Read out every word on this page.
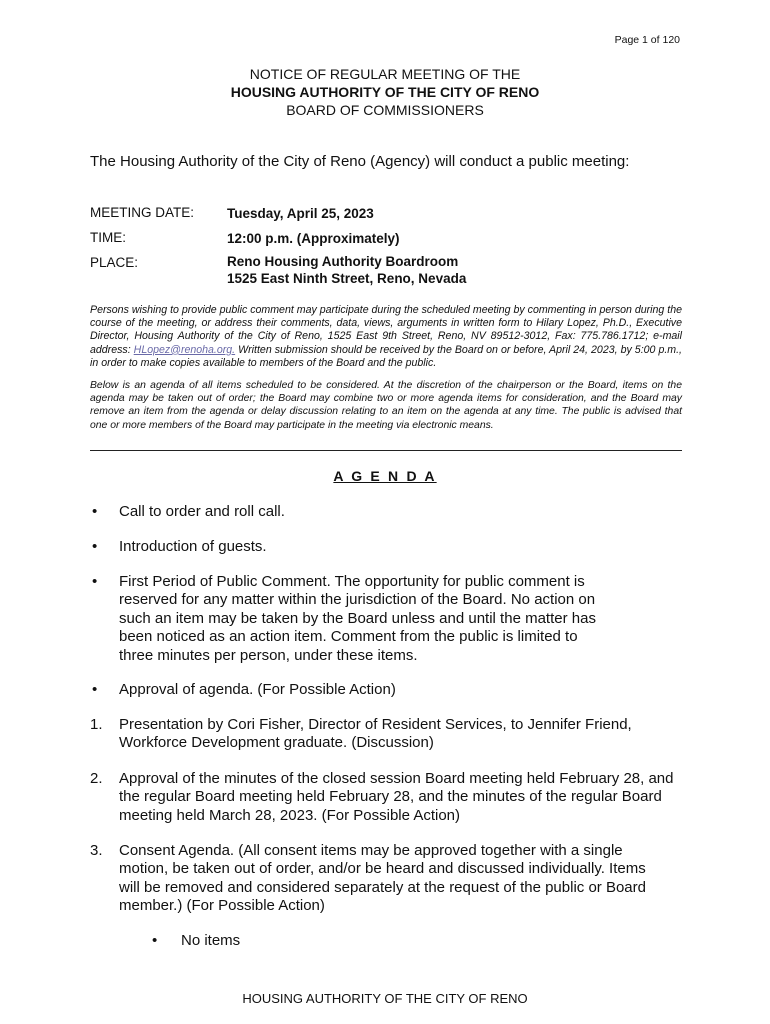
Page 1 of 120
NOTICE OF REGULAR MEETING OF THE
HOUSING AUTHORITY OF THE CITY OF RENO
BOARD OF COMMISSIONERS
The Housing Authority of the City of Reno (Agency) will conduct a public meeting:
MEETING DATE: Tuesday, April 25, 2023
TIME:	12:00 p.m. (Approximately)
PLACE:	Reno Housing Authority Boardroom
1525 East Ninth Street, Reno, Nevada
Persons wishing to provide public comment may participate during the scheduled meeting by commenting in person during the course of the meeting, or address their comments, data, views, arguments in written form to Hilary Lopez, Ph.D., Executive Director, Housing Authority of the City of Reno, 1525 East 9th Street, Reno, NV 89512-3012, Fax: 775.786.1712; e-mail address: HLopez@renoha.org. Written submission should be received by the Board on or before, April 24, 2023, by 5:00 p.m., in order to make copies available to members of the Board and the public.
Below is an agenda of all items scheduled to be considered. At the discretion of the chairperson or the Board, items on the agenda may be taken out of order; the Board may combine two or more agenda items for consideration, and the Board may remove an item from the agenda or delay discussion relating to an item on the agenda at any time. The public is advised that one or more members of the Board may participate in the meeting via electronic means.
A G E N D A
•	Call to order and roll call.
•	Introduction of guests.
•	First Period of Public Comment. The opportunity for public comment is reserved for any matter within the jurisdiction of the Board. No action on such an item may be taken by the Board unless and until the matter has been noticed as an action item. Comment from the public is limited to three minutes per person, under these items.
•	Approval of agenda. (For Possible Action)
1.	Presentation by Cori Fisher, Director of Resident Services, to Jennifer Friend, Workforce Development graduate. (Discussion)
2.	Approval of the minutes of the closed session Board meeting held February 28, and the regular Board meeting held February 28, and the minutes of the regular Board meeting held March 28, 2023. (For Possible Action)
3.	Consent Agenda. (All consent items may be approved together with a single motion, be taken out of order, and/or be heard and discussed individually. Items will be removed and considered separately at the request of the public or Board member.) (For Possible Action)
• No items
HOUSING AUTHORITY OF THE CITY OF RENO
